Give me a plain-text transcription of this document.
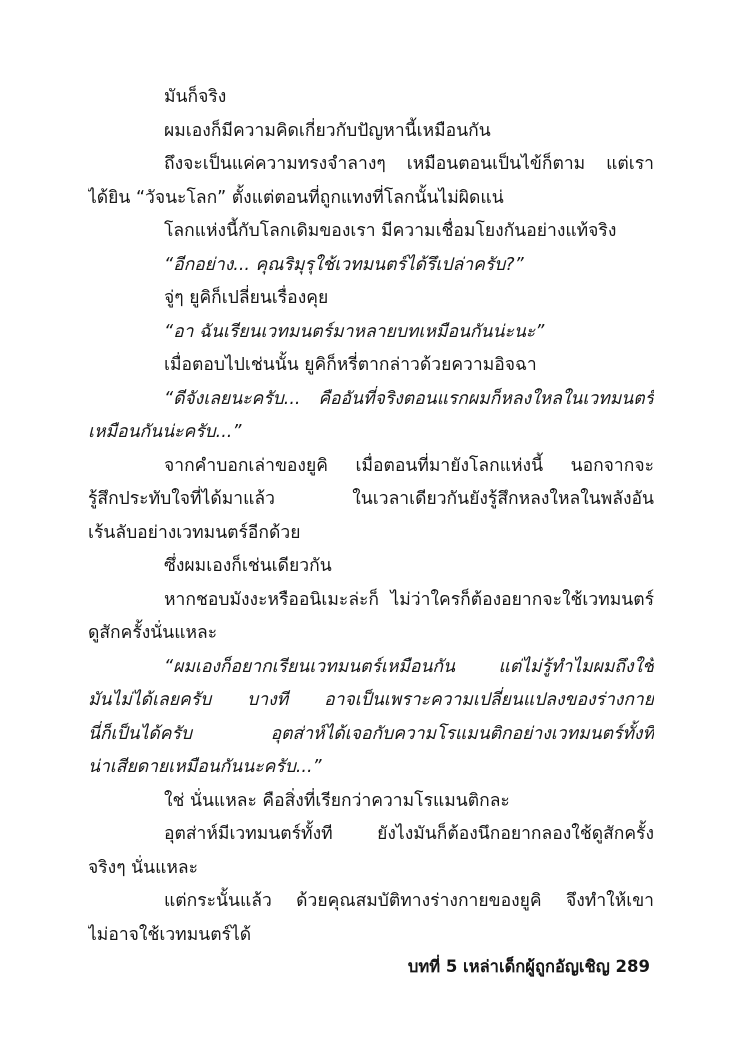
มันก็จริง
ผมเองก็มีความคิดเกี่ยวกับปัญหานี้เหมือนกัน
ถึงจะเป็นแค่ความทรงจำลางๆ เหมือนตอนเป็นไข้ก็ตาม แต่เรา
ได้ยิน “วัจนะโลก” ตั้งแต่ตอนที่ถูกแทงที่โลกนั้นไม่ผิดแน่
โลกแห่งนี้กับโลกเดิมของเรา มีความเชื่อมโยงกันอย่างแท้จริง
“อีกอย่าง... คุณริมุรุใช้เวทมนตร์ได้รึเปล่าครับ?”
จู่ๆ ยูคิก็เปลี่ยนเรื่องคุย
“อา ฉันเรียนเวทมนตร์มาหลายบทเหมือนกันน่ะนะ”
เมื่อตอบไปเช่นนั้น ยูคิก็หรี่ตากล่าวด้วยความอิจฉา
“ดีจังเลยนะครับ... คืออันที่จริงตอนแรกผมก็หลงใหลในเวทมนตร์
เหมือนกันน่ะครับ...”
จากคำบอกเล่าของยูคิ เมื่อตอนที่มายังโลกแห่งนี้ นอกจากจะ
รู้สึกประทับใจที่ได้มาแล้ว ในเวลาเดียวกันยังรู้สึกหลงใหลในพลังอัน
เร้นลับอย่างเวทมนตร์อีกด้วย
ซึ่งผมเองก็เช่นเดียวกัน
หากชอบมังงะหรืออนิเมะล่ะก็ ไม่ว่าใครก็ต้องอยากจะใช้เวทมนตร์
ดูสักครั้งนั่นแหละ
“ผมเองก็อยากเรียนเวทมนตร์เหมือนกัน แต่ไม่รู้ทำไมผมถึงใช้
มันไม่ได้เลยครับ บางที อาจเป็นเพราะความเปลี่ยนแปลงของร่างกาย
นี่ก็เป็นได้ครับ อุตส่าห์ได้เจอกับความโรแมนติกอย่างเวทมนตร์ทั้งที
น่าเสียดายเหมือนกันนะครับ...”
ใช่ นั่นแหละ คือสิ่งที่เรียกว่าความโรแมนติกละ
อุตส่าห์มีเวทมนตร์ทั้งที ยังไงมันก็ต้องนึกอยากลองใช้ดูสักครั้ง
จริงๆ นั่นแหละ
แต่กระนั้นแล้ว ด้วยคุณสมบัติทางร่างกายของยูคิ จึงทำให้เขา
ไม่อาจใช้เวทมนตร์ได้
บทที่ 5 เหล่าเด็กผู้ถูกอัญเชิญ 289
